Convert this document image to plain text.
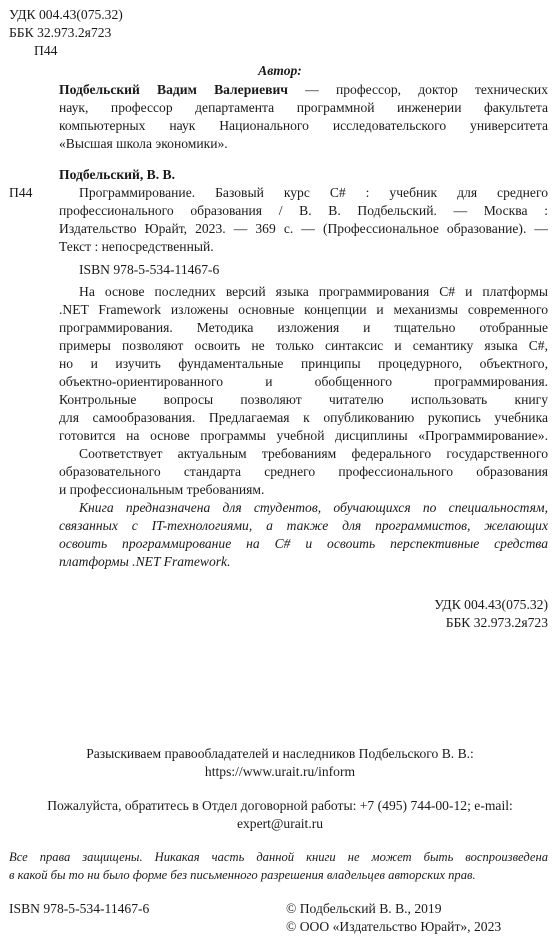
УДК 004.43(075.32)
ББК 32.973.2я723
П44
Автор:
Подбельский Вадим Валериевич — профессор, доктор технических
наук, профессор департамента программной инженерии факультета
компьютерных наук Национального исследовательского университета
«Высшая школа экономики».
Подбельский, В. В.
П44	Программирование. Базовый курс С# : учебник для среднего
профессионального образования / В. В. Подбельский. — Москва :
Издательство Юрайт, 2023. — 369 с. — (Профессиональное образование). —
Текст : непосредственный.
ISBN 978-5-534-11467-6
На основе последних версий языка программирования С# и платформы
.NET Framework изложены основные концепции и механизмы современного
программирования. Методика изложения и тщательно отобранные
примеры позволяют освоить не только синтаксис и семантику языка C#,
но и изучить фундаментальные принципы процедурного, объектного,
объектно-ориентированного и обобщенного программирования.
Контрольные вопросы позволяют читателю использовать книгу
для самообразования. Предлагаемая к опубликованию рукопись учебника
готовится на основе программы учебной дисциплины «Программирование».
Соответствует актуальным требованиям федерального государственного
образовательного стандарта среднего профессионального образования
и профессиональным требованиям.
Книга предназначена для студентов, обучающихся по специальностям,
связанных с IT-технологиями, а также для программистов, желающих
освоить программирование на C# и освоить перспективные средства
платформы .NET Framework.
УДК 004.43(075.32)
ББК 32.973.2я723
Разыскиваем правообладателей и наследников Подбельского В. В.:
https://www.urait.ru/inform
Пожалуйста, обратитесь в Отдел договорной работы: +7 (495) 744-00-12; e-mail:
expert@urait.ru
Все права защищены. Никакая часть данной книги не может быть воспроизведена
в какой бы то ни было форме без письменного разрешения владельцев авторских прав.
ISBN 978-5-534-11467-6	© Подбельский В. В., 2019
© ООО «Издательство Юрайт», 2023
